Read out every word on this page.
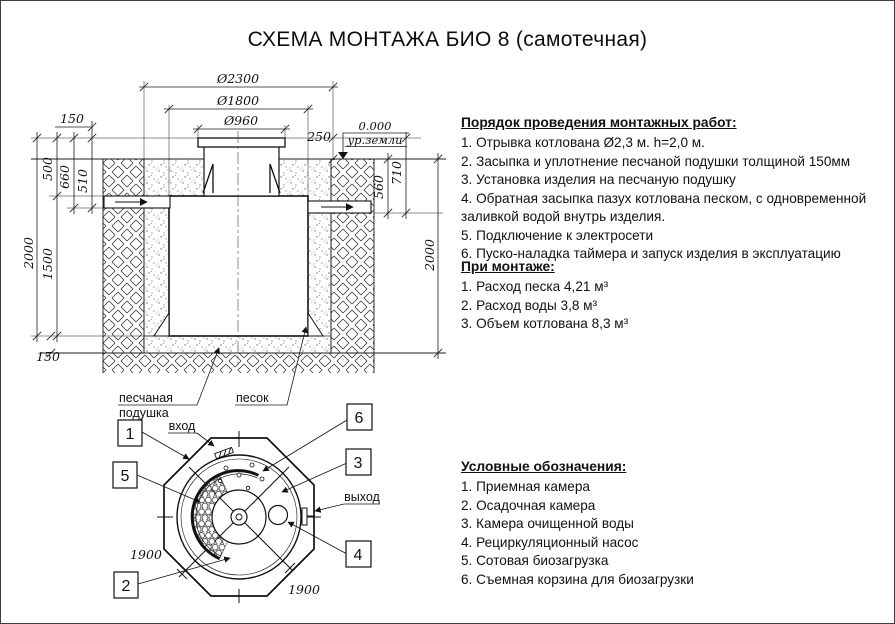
СХЕМА МОНТАЖА БИО 8 (самотечная)
Ø2300
Ø1800
Ø960	0.000
ур.земли
250
150
500 660 510
2000 1500
150
560
710
2000
песчаная
подушка
песок
1900
1900
вход
выход
1
5
2
6
3
4
Порядок проведения монтажных работ:
1. Отрывка котлована Ø2,3 м. h=2,0 м.
2. Засыпка и уплотнение песчаной подушки толщиной 150мм
3. Установка изделия на песчаную подушку
4. Обратная засыпка пазух котлована песком, с одновременной заливкой водой внутрь изделия.
5. Подключение к электросети
6. Пуско-наладка таймера и запуск изделия в эксплуатацию
При монтаже:
1. Расход песка 4,21 м³
2. Расход воды 3,8 м³
3. Объем котлована 8,3 м³
Условные обозначения:
1. Приемная камера
2. Осадочная камера
3. Камера очищенной воды
4. Рециркуляционный насос
5. Сотовая биозагрузка
6. Съемная корзина для биозагрузки
